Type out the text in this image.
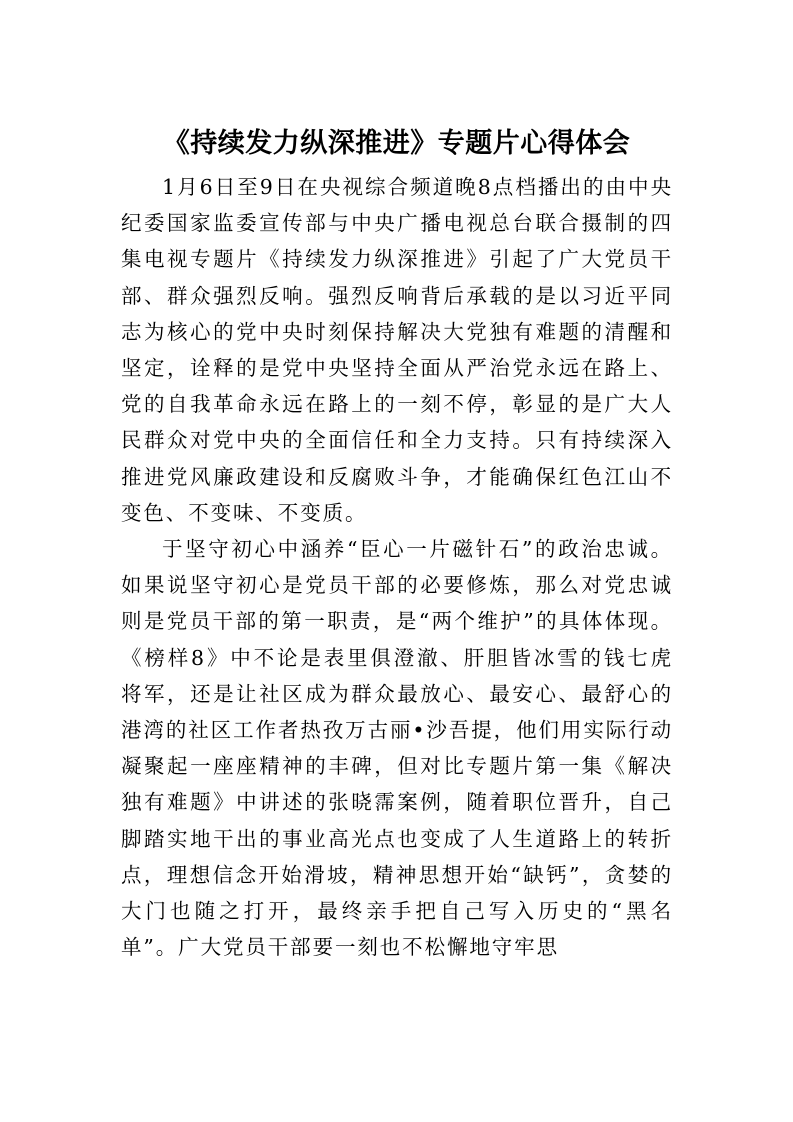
《持续发力纵深推进》专题片心得体会

1月6日至9日在央视综合频道晚8点档播出的由中央纪委国家监委宣传部与中央广播电视总台联合摄制的四集电视专题片《持续发力纵深推进》引起了广大党员干部、群众强烈反响。强烈反响背后承载的是以习近平同志为核心的党中央时刻保持解决大党独有难题的清醒和坚定，诠释的是党中央坚持全面从严治党永远在路上、党的自我革命永远在路上的一刻不停，彰显的是广大人民群众对党中央的全面信任和全力支持。只有持续深入推进党风廉政建设和反腐败斗争，才能确保红色江山不变色、不变味、不变质。

于坚守初心中涵养“臣心一片磁针石”的政治忠诚。如果说坚守初心是党员干部的必要修炼，那么对党忠诚则是党员干部的第一职责，是“两个维护”的具体体现。《榜样8》中不论是表里俱澄澈、肝胆皆冰雪的钱七虎将军，还是让社区成为群众最放心、最安心、最舒心的港湾的社区工作者热孜万古丽•沙吾提，他们用实际行动凝聚起一座座精神的丰碑，但对比专题片第一集《解决独有难题》中讲述的张晓霈案例，随着职位晋升，自己脚踏实地干出的事业高光点也变成了人生道路上的转折点，理想信念开始滑坡，精神思想开始“缺钙”，贪婪的大门也随之打开，最终亲手把自己写入历史的“黑名单”。广大党员干部要一刻也不松懈地守牢思
